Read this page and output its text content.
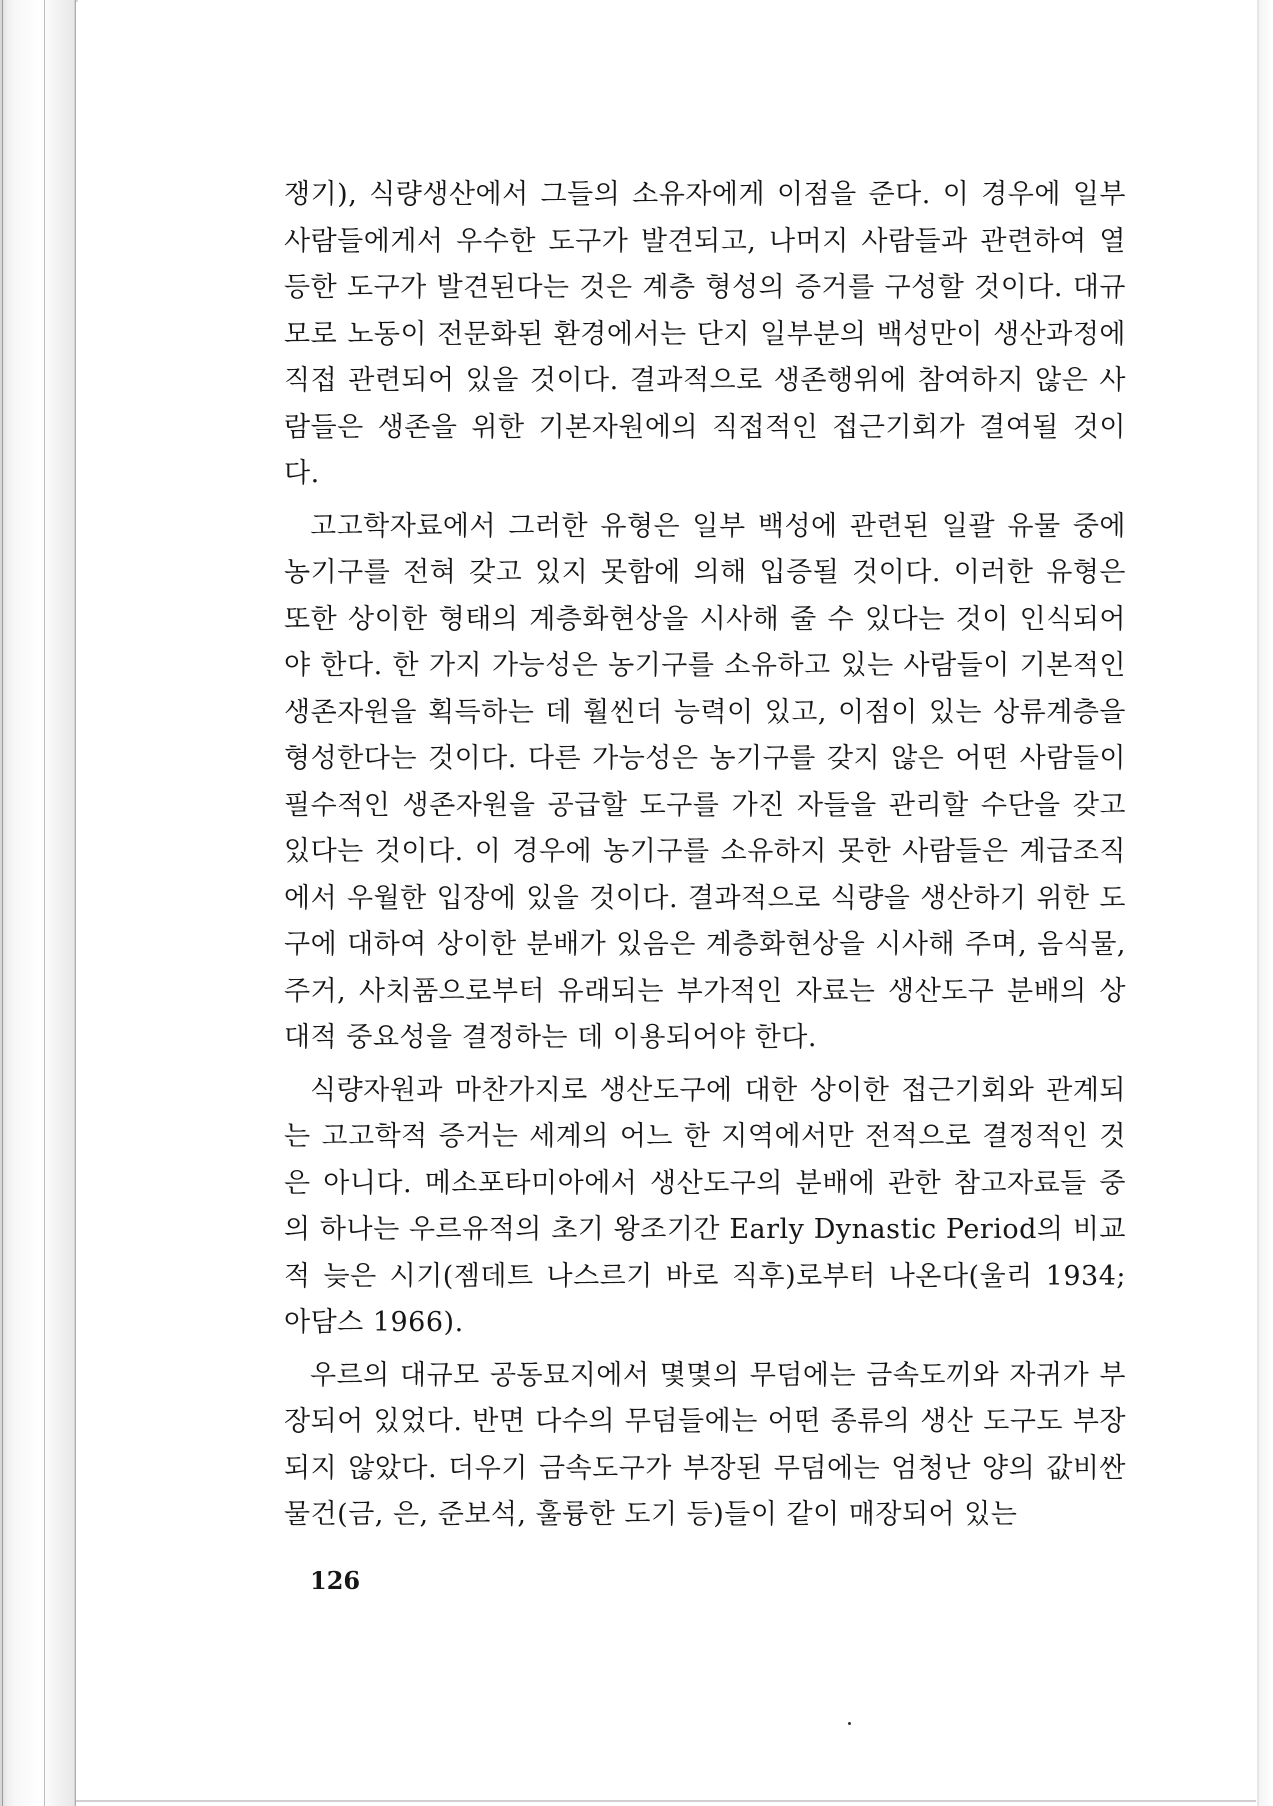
쟁기), 식량생산에서 그들의 소유자에게 이점을 준다. 이 경우에 일부 사람들에게서 우수한 도구가 발견되고, 나머지 사람들과 관련하여 열등한 도구가 발견된다는 것은 계층 형성의 증거를 구성할 것이다. 대규모로 노동이 전문화된 환경에서는 단지 일부분의 백성만이 생산과정에 직접 관련되어 있을 것이다. 결과적으로 생존행위에 참여하지 않은 사람들은 생존을 위한 기본자원에의 직접적인 접근기회가 결여될 것이다.

고고학자료에서 그러한 유형은 일부 백성에 관련된 일괄 유물 중에 농기구를 전혀 갖고 있지 못함에 의해 입증될 것이다. 이러한 유형은 또한 상이한 형태의 계층화현상을 시사해 줄 수 있다는 것이 인식되어야 한다. 한 가지 가능성은 농기구를 소유하고 있는 사람들이 기본적인 생존자원을 획득하는 데 훨씬더 능력이 있고, 이점이 있는 상류계층을 형성한다는 것이다. 다른 가능성은 농기구를 갖지 않은 어떤 사람들이 필수적인 생존자원을 공급할 도구를 가진 자들을 관리할 수단을 갖고 있다는 것이다. 이 경우에 농기구를 소유하지 못한 사람들은 계급조직에서 우월한 입장에 있을 것이다. 결과적으로 식량을 생산하기 위한 도구에 대하여 상이한 분배가 있음은 계층화현상을 시사해 주며, 음식물, 주거, 사치품으로부터 유래되는 부가적인 자료는 생산도구 분배의 상대적 중요성을 결정하는 데 이용되어야 한다.

식량자원과 마찬가지로 생산도구에 대한 상이한 접근기회와 관계되는 고고학적 증거는 세계의 어느 한 지역에서만 전적으로 결정적인 것은 아니다. 메소포타미아에서 생산도구의 분배에 관한 참고자료들 중의 하나는 우르유적의 초기 왕조기간 Early Dynastic Period의 비교적 늦은 시기(젬데트 나스르기 바로 직후)로부터 나온다(울리 1934; 아담스 1966).

우르의 대규모 공동묘지에서 몇몇의 무덤에는 금속도끼와 자귀가 부장되어 있었다. 반면 다수의 무덤들에는 어떤 종류의 생산 도구도 부장되지 않았다. 더우기 금속도구가 부장된 무덤에는 엄청난 양의 값비싼 물건(금, 은, 준보석, 훌륭한 도기 등)들이 같이 매장되어 있는

126
